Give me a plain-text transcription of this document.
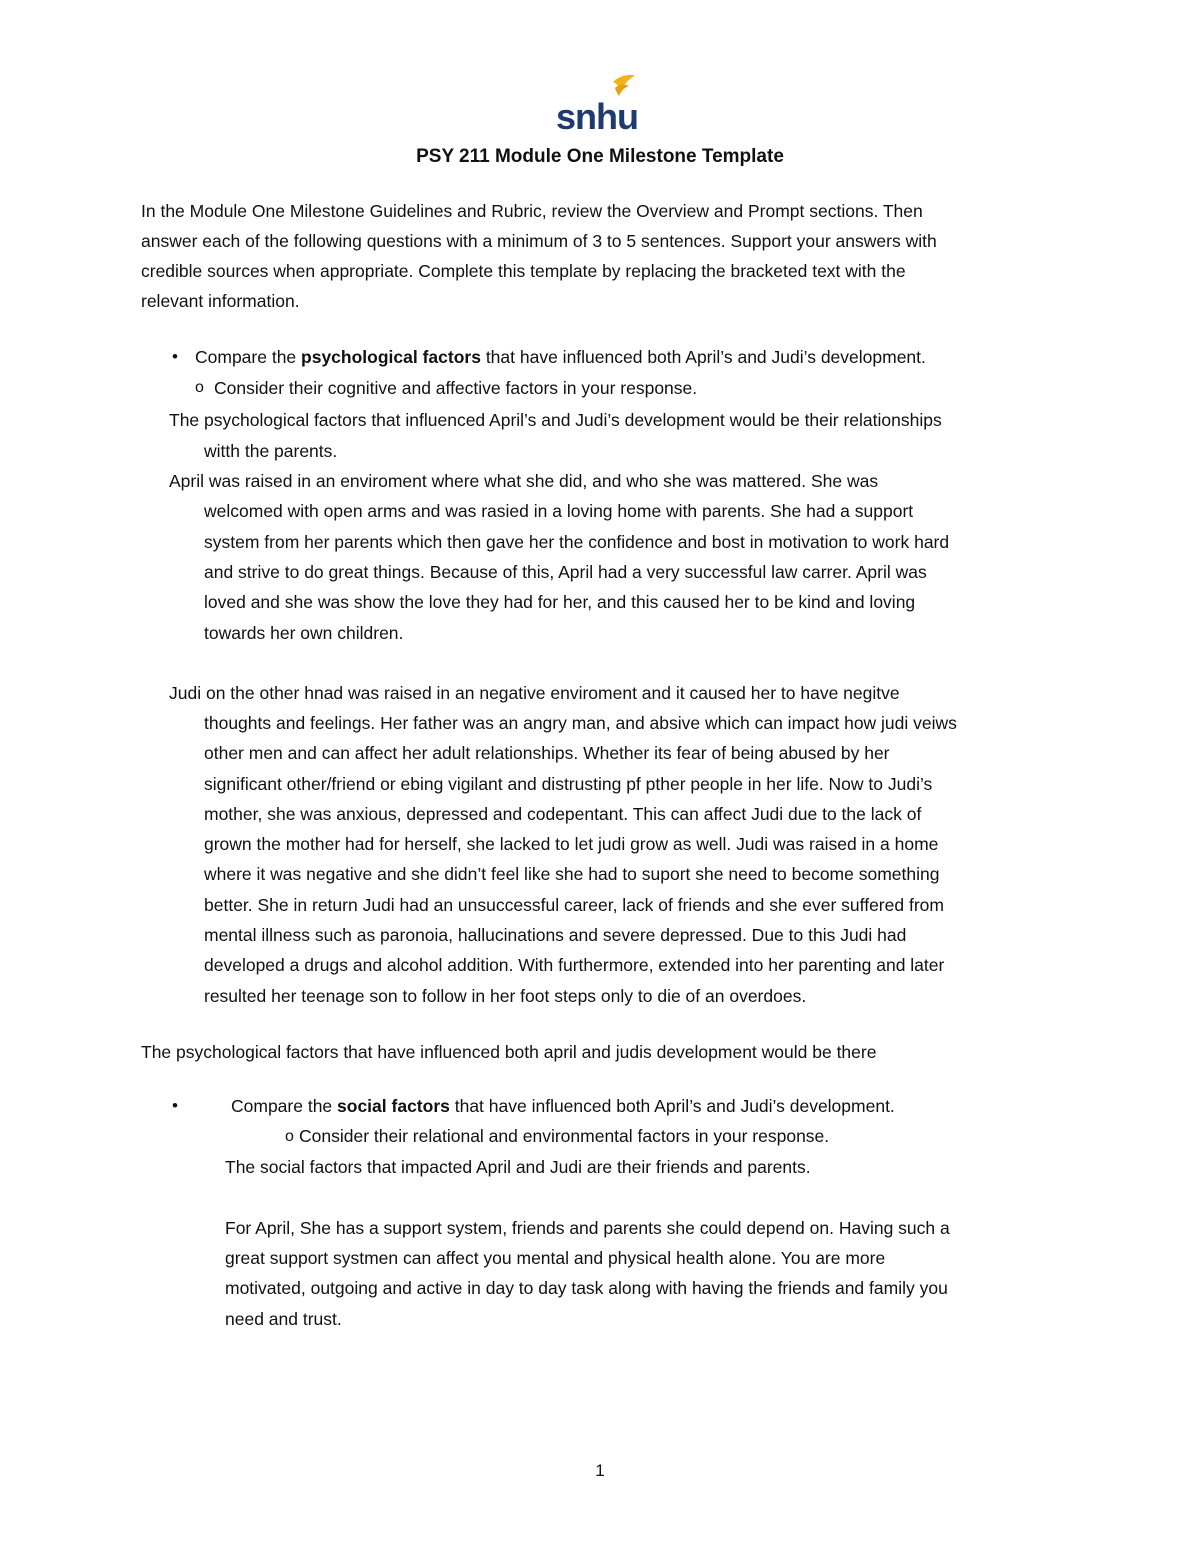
snhu
PSY 211 Module One Milestone Template
In the Module One Milestone Guidelines and Rubric, review the Overview and Prompt sections. Then
answer each of the following questions with a minimum of 3 to 5 sentences. Support your answers with
credible sources when appropriate. Complete this template by replacing the bracketed text with the
relevant information.
• Compare the psychological factors that have influenced both April’s and Judi’s development.
o Consider their cognitive and affective factors in your response.
The psychological factors that influenced April’s and Judi’s development would be their relationships
witth the parents.
April was raised in an enviroment where what she did, and who she was mattered. She was
welcomed with open arms and was rasied in a loving home with parents. She had a support
system from her parents which then gave her the confidence and bost in motivation to work hard
and strive to do great things. Because of this, April had a very successful law carrer. April was
loved and she was show the love they had for her, and this caused her to be kind and loving
towards her own children.
Judi on the other hnad was raised in an negative enviroment and it caused her to have negitve
thoughts and feelings. Her father was an angry man, and absive which can impact how judi veiws
other men and can affect her adult relationships. Whether its fear of being abused by her
significant other/friend or ebing vigilant and distrusting pf pther people in her life. Now to Judi’s
mother, she was anxious, depressed and codepentant. This can affect Judi due to the lack of
grown the mother had for herself, she lacked to let judi grow as well. Judi was raised in a home
where it was negative and she didn’t feel like she had to suport she need to become something
better. She in return Judi had an unsuccessful career, lack of friends and she ever suffered from
mental illness such as paronoia, hallucinations and severe depressed. Due to this Judi had
developed a drugs and alcohol addition. With furthermore, extended into her parenting and later
resulted her teenage son to follow in her foot steps only to die of an overdoes.
The psychological factors that have influenced both april and judis development would be there
•	Compare the social factors that have influenced both April’s and Judi’s development.
o Consider their relational and environmental factors in your response.
The social factors that impacted April and Judi are their friends and parents.
For April, She has a support system, friends and parents she could depend on. Having such a
great support systmen can affect you mental and physical health alone. You are more
motivated, outgoing and active in day to day task along with having the friends and family you
need and trust.
1
